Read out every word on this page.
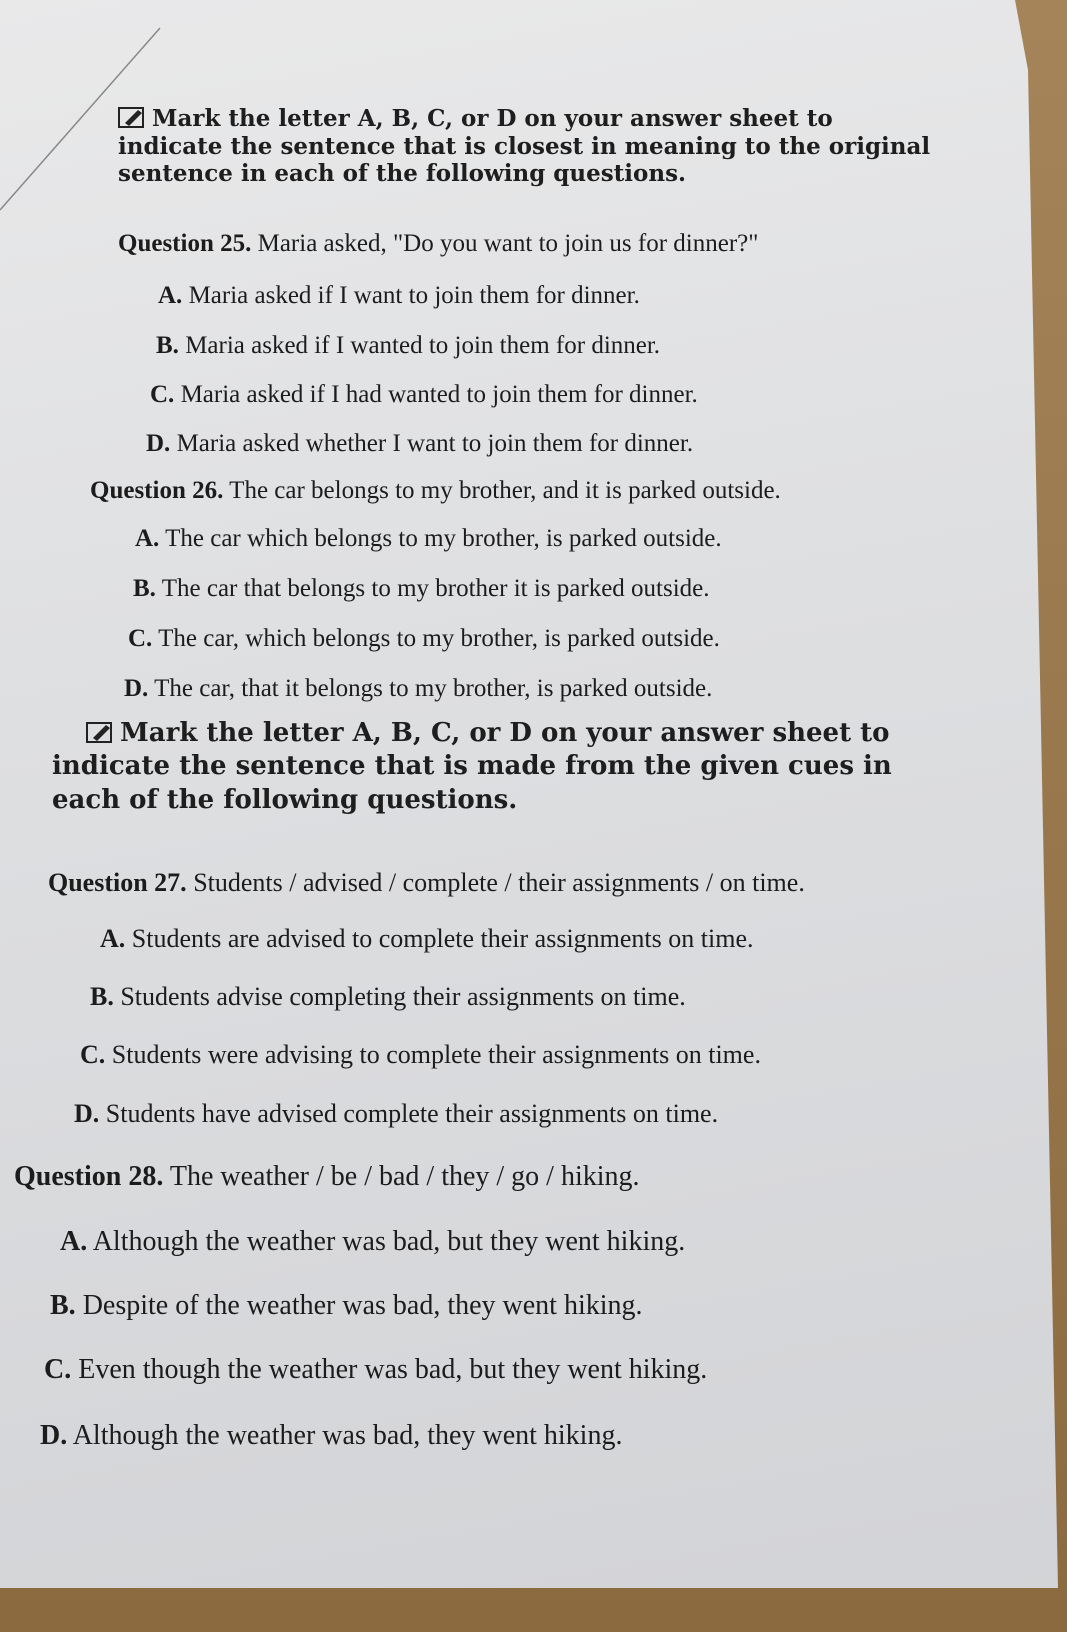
Mark the letter A, B, C, or D on your answer sheet to indicate the sentence that is closest in meaning to the original sentence in each of the following questions.
Question 25. Maria asked, "Do you want to join us for dinner?"
A. Maria asked if I want to join them for dinner.
B. Maria asked if I wanted to join them for dinner.
C. Maria asked if I had wanted to join them for dinner.
D. Maria asked whether I want to join them for dinner.
Question 26. The car belongs to my brother, and it is parked outside.
A. The car which belongs to my brother, is parked outside.
B. The car that belongs to my brother it is parked outside.
C. The car, which belongs to my brother, is parked outside.
D. The car, that it belongs to my brother, is parked outside.
Mark the letter A, B, C, or D on your answer sheet to indicate the sentence that is made from the given cues in each of the following questions.
Question 27. Students / advised / complete / their assignments / on time.
A. Students are advised to complete their assignments on time.
B. Students advise completing their assignments on time.
C. Students were advising to complete their assignments on time.
D. Students have advised complete their assignments on time.
Question 28. The weather / be / bad / they / go / hiking.
A. Although the weather was bad, but they went hiking.
B. Despite of the weather was bad, they went hiking.
C. Even though the weather was bad, but they went hiking.
D. Although the weather was bad, they went hiking.
